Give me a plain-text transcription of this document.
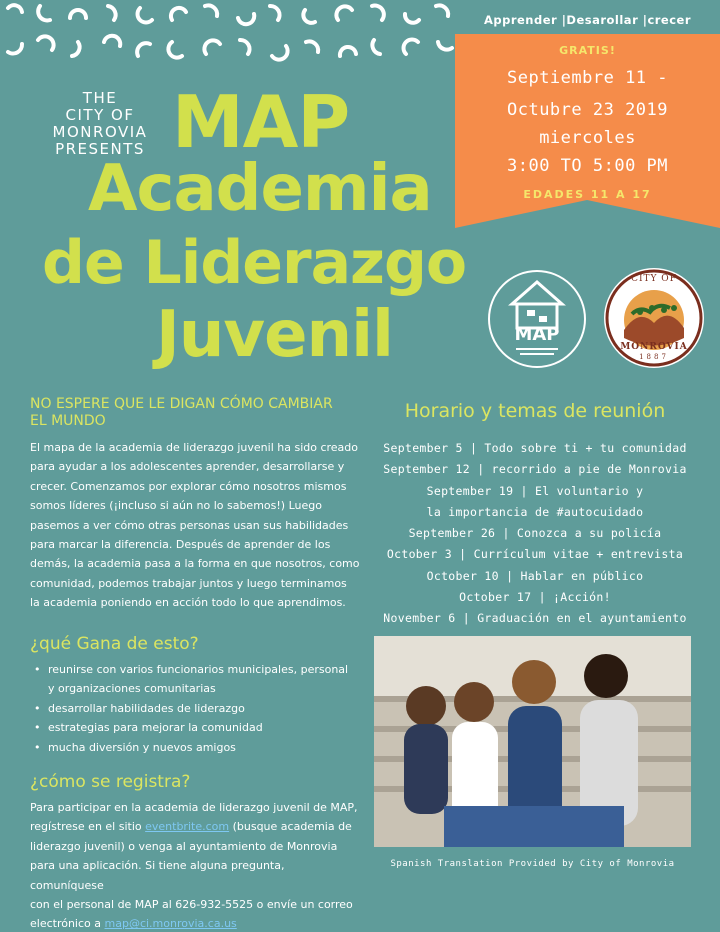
Apprender |Desarollar |crecer
GRATIS!
Septiembre 11 -
Octubre 23 2019
miercoles
3:00 TO 5:00 PM
EDADES 11 A 17
THE
CITY OF
MONROVIA
PRESENTS MAP
Academia
de Liderazgo
Juvenil	MAP
CITY OF
MONROVIA
1887
NO ESPERE QUE LE DIGAN CÓMO CAMBIAR
EL MUNDO
El mapa de la academia de liderazgo juvenil ha sido creado
para ayudar a los adolescentes aprender, desarrollarse y
crecer. Comenzamos por explorar cómo nosotros mismos
somos líderes (¡incluso si aún no lo sabemos!) Luego
pasemos a ver cómo otras personas usan sus habilidades
para marcar la diferencia. Después de aprender de los
demás, la academia pasa a la forma en que nosotros, como
comunidad, podemos trabajar juntos y luego terminamos
la academia poniendo en acción todo lo que aprendimos.
¿qué Gana de esto?
• reunirse con varios funcionarios municipales, personal
y organizaciones comunitarias
• desarrollar habilidades de liderazgo
• estrategias para mejorar la comunidad
• mucha diversión y nuevos amigos
¿cómo se registra?
Para participar en la academia de liderazgo juvenil de MAP,
regístrese en el sitio eventbrite.com (busque academia de
liderazgo juvenil) o venga al ayuntamiento de Monrovia
para una aplicación. Si tiene alguna pregunta, comuníquese
con el personal de MAP al 626-932-5525 o envíe un correo
electrónico a map@ci.monrovia.ca.us
Horario y temas de reunión
September 5 | Todo sobre ti + tu comunidad
September 12 | recorrido a pie de Monrovia
September 19 | El voluntario y
la importancia de #autocuidado
September 26 | Conozca a su policía
October 3 | Currículum vitae + entrevista
October 10 | Hablar en público
October 17 | ¡Acción!
November 6 | Graduación en el ayuntamiento
Spanish Translation Provided by City of Monrovia
